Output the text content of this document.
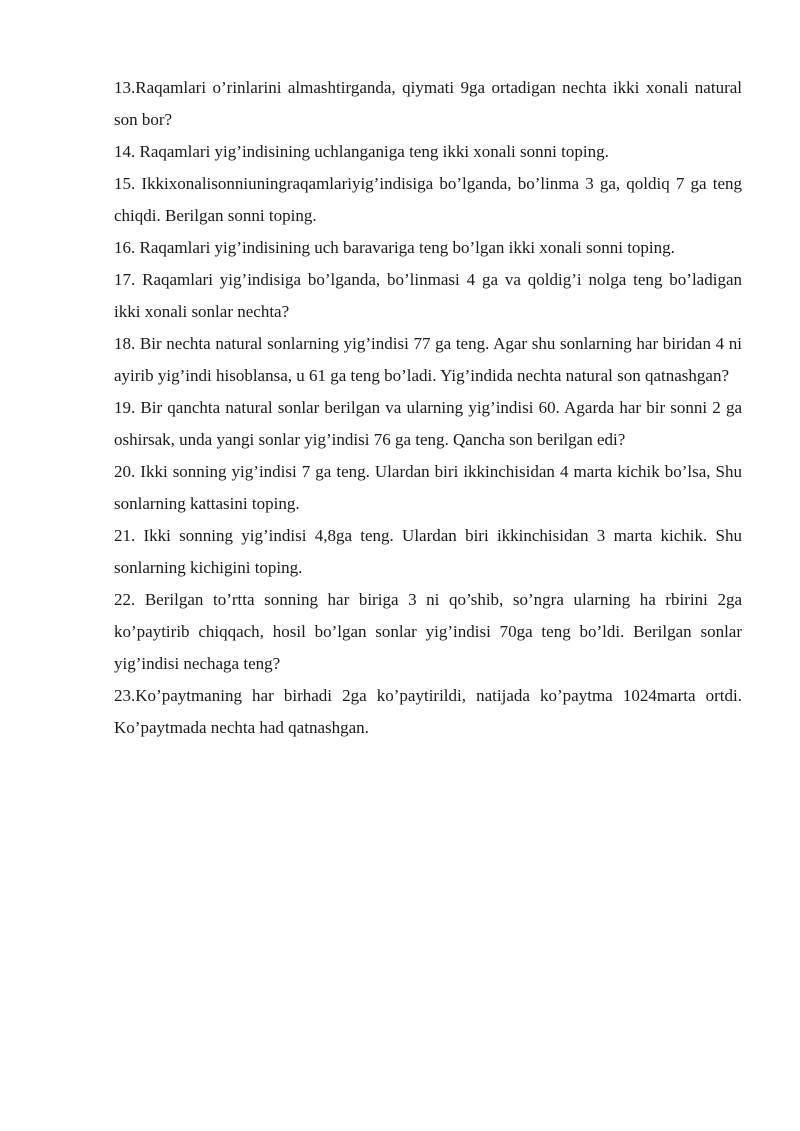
13.Raqamlari o’rinlarini almashtirganda, qiymati 9ga ortadigan nechta ikki xonali natural son bor?

14. Raqamlari yig’indisining uchlanganiga teng ikki xonali sonni toping.

15. Ikkixonalisonniuningraqamlariyig’indisiga bo’lganda, bo’linma 3 ga, qoldiq 7 ga teng chiqdi. Berilgan sonni toping.

16. Raqamlari yig’indisining uch baravariga teng bo’lgan ikki xonali sonni toping.

17. Raqamlari yig’indisiga bo’lganda, bo’linmasi 4 ga va qoldig’i nolga teng bo’ladigan ikki xonali sonlar nechta?

18. Bir nechta natural sonlarning yig’indisi 77 ga teng. Agar shu sonlarning har biridan 4 ni ayirib yig’indi hisoblansa, u 61 ga teng bo’ladi. Yig’indida nechta natural son qatnashgan?

19. Bir qanchta natural sonlar berilgan va ularning yig’indisi 60. Agarda har bir sonni 2 ga oshirsak, unda yangi sonlar yig’indisi 76 ga teng. Qancha son berilgan edi?

20. Ikki sonning yig’indisi 7 ga teng. Ulardan biri ikkinchisidan 4 marta kichik bo’lsa, Shu sonlarning kattasini toping.

21. Ikki sonning yig’indisi 4,8ga teng. Ulardan biri ikkinchisidan 3 marta kichik. Shu sonlarning kichigini toping.

22. Berilgan to’rtta sonning har biriga 3 ni qo’shib, so’ngra ularning ha rbirini 2ga ko’paytirib chiqqach, hosil bo’lgan sonlar yig’indisi 70ga teng bo’ldi. Berilgan sonlar yig’indisi nechaga teng?

23.Ko’paytmaning har birhadi 2ga ko’paytirildi, natijada ko’paytma 1024marta ortdi. Ko’paytmada nechta had qatnashgan.
